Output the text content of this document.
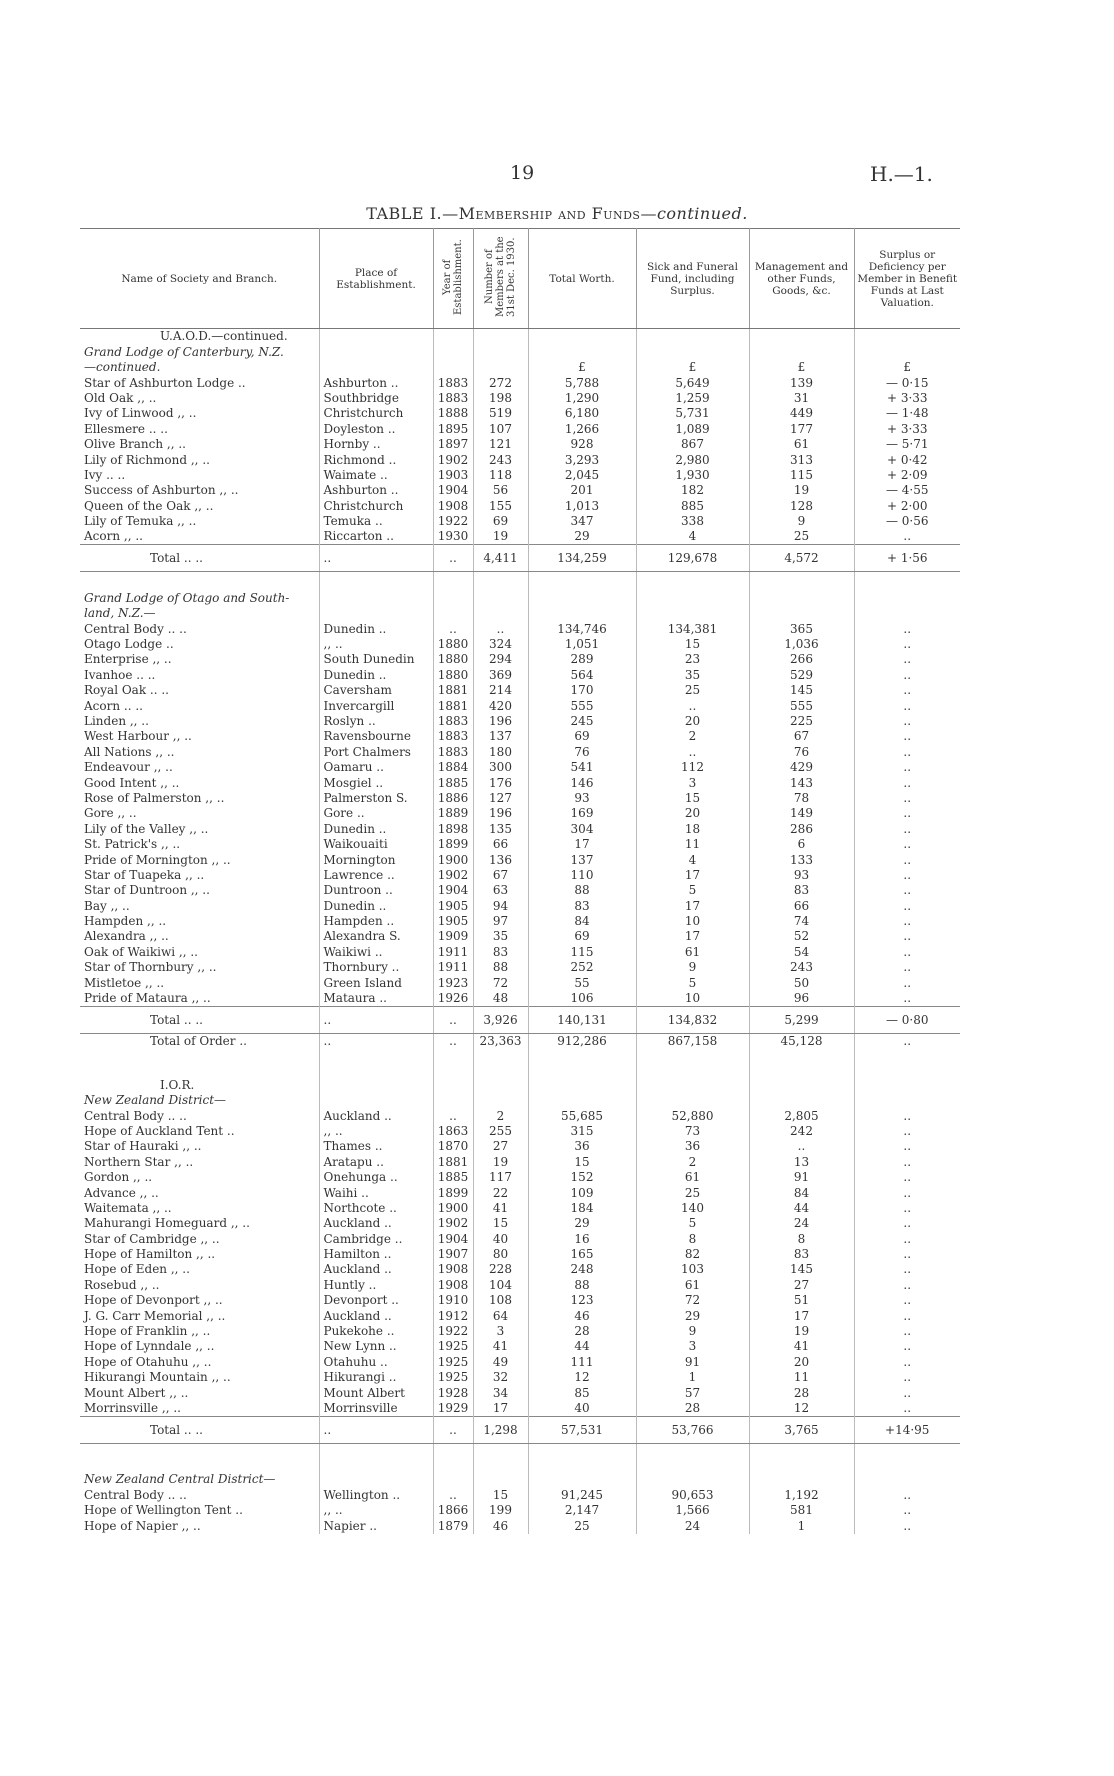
19	H.—1.
TABLE I.—Membership and Funds—continued.
Name of Society and Branch.	Place of Establishment.	Year of Establishment.	Number of Members at the 31st Dec. 1930.	Total Worth.	Sick and Funeral Fund, including Surplus.	Management and other Funds, Goods, &c.	Surplus or Deficiency per Member in Benefit Funds at Last Valuation.
U.A.O.D.—continued.							
Grand Lodge of Canterbury, N.Z.							
—continued.				£	£	£	£
Star of Ashburton Lodge ..	Ashburton ..	1883	272	5,788	5,649	139	— 0·15
Old Oak ,, ..	Southbridge	1883	198	1,290	1,259	31	+ 3·33
Ivy of Linwood ,, ..	Christchurch	1888	519	6,180	5,731	449	— 1·48
Ellesmere .. ..	Doyleston ..	1895	107	1,266	1,089	177	+ 3·33
Olive Branch ,, ..	Hornby ..	1897	121	928	867	61	— 5·71
Lily of Richmond ,, ..	Richmond ..	1902	243	3,293	2,980	313	+ 0·42
Ivy .. ..	Waimate ..	1903	118	2,045	1,930	115	+ 2·09
Success of Ashburton ,, ..	Ashburton ..	1904	56	201	182	19	— 4·55
Queen of the Oak ,, ..	Christchurch	1908	155	1,013	885	128	+ 2·00
Lily of Temuka ,, ..	Temuka ..	1922	69	347	338	9	— 0·56
Acorn ,, ..	Riccarton ..	1930	19	29	4	25	..
Total .. ..	..	..	4,411	134,259	129,678	4,572	+ 1·56

Grand Lodge of Otago and South-							
land, N.Z.—							
Central Body .. ..	Dunedin ..	..	..	134,746	134,381	365	..
Otago Lodge ..	,, ..	1880	324	1,051	15	1,036	..
Enterprise ,, ..	South Dunedin	1880	294	289	23	266	..
Ivanhoe .. ..	Dunedin ..	1880	369	564	35	529	..
Royal Oak .. ..	Caversham	1881	214	170	25	145	..
Acorn .. ..	Invercargill	1881	420	555	..	555	..
Linden ,, ..	Roslyn ..	1883	196	245	20	225	..
West Harbour ,, ..	Ravensbourne	1883	137	69	2	67	..
All Nations ,, ..	Port Chalmers	1883	180	76	..	76	..
Endeavour ,, ..	Oamaru ..	1884	300	541	112	429	..
Good Intent ,, ..	Mosgiel ..	1885	176	146	3	143	..
Rose of Palmerston ,, ..	Palmerston S.	1886	127	93	15	78	..
Gore ,, ..	Gore ..	1889	196	169	20	149	..
Lily of the Valley ,, ..	Dunedin ..	1898	135	304	18	286	..
St. Patrick's ,, ..	Waikouaiti	1899	66	17	11	6	..
Pride of Mornington ,, ..	Mornington	1900	136	137	4	133	..
Star of Tuapeka ,, ..	Lawrence ..	1902	67	110	17	93	..
Star of Duntroon ,, ..	Duntroon ..	1904	63	88	5	83	..
Bay ,, ..	Dunedin ..	1905	94	83	17	66	..
Hampden ,, ..	Hampden ..	1905	97	84	10	74	..
Alexandra ,, ..	Alexandra S.	1909	35	69	17	52	..
Oak of Waikiwi ,, ..	Waikiwi ..	1911	83	115	61	54	..
Star of Thornbury ,, ..	Thornbury ..	1911	88	252	9	243	..
Mistletoe ,, ..	Green Island	1923	72	55	5	50	..
Pride of Mataura ,, ..	Mataura ..	1926	48	106	10	96	..
Total .. ..	..	..	3,926	140,131	134,832	5,299	— 0·80
Total of Order ..	..	..	23,363	912,286	867,158	45,128	..

I.O.R.							
New Zealand District—							
Central Body .. ..	Auckland ..	..	2	55,685	52,880	2,805	..
Hope of Auckland Tent ..	,, ..	1863	255	315	73	242	..
Star of Hauraki ,, ..	Thames ..	1870	27	36	36	..	..
Northern Star ,, ..	Aratapu ..	1881	19	15	2	13	..
Gordon ,, ..	Onehunga ..	1885	117	152	61	91	..
Advance ,, ..	Waihi ..	1899	22	109	25	84	..
Waitemata ,, ..	Northcote ..	1900	41	184	140	44	..
Mahurangi Homeguard ,, ..	Auckland ..	1902	15	29	5	24	..
Star of Cambridge ,, ..	Cambridge ..	1904	40	16	8	8	..
Hope of Hamilton ,, ..	Hamilton ..	1907	80	165	82	83	..
Hope of Eden ,, ..	Auckland ..	1908	228	248	103	145	..
Rosebud ,, ..	Huntly ..	1908	104	88	61	27	..
Hope of Devonport ,, ..	Devonport ..	1910	108	123	72	51	..
J. G. Carr Memorial ,, ..	Auckland ..	1912	64	46	29	17	..
Hope of Franklin ,, ..	Pukekohe ..	1922	3	28	9	19	..
Hope of Lynndale ,, ..	New Lynn ..	1925	41	44	3	41	..
Hope of Otahuhu ,, ..	Otahuhu ..	1925	49	111	91	20	..
Hikurangi Mountain ,, ..	Hikurangi ..	1925	32	12	1	11	..
Mount Albert ,, ..	Mount Albert	1928	34	85	57	28	..
Morrinsville ,, ..	Morrinsville	1929	17	40	28	12	..
Total .. ..	..	..	1,298	57,531	53,766	3,765	+14·95

New Zealand Central District—							
Central Body .. ..	Wellington ..	..	15	91,245	90,653	1,192	..
Hope of Wellington Tent ..	,, ..	1866	199	2,147	1,566	581	..
Hope of Napier ,, ..	Napier ..	1879	46	25	24	1	..
